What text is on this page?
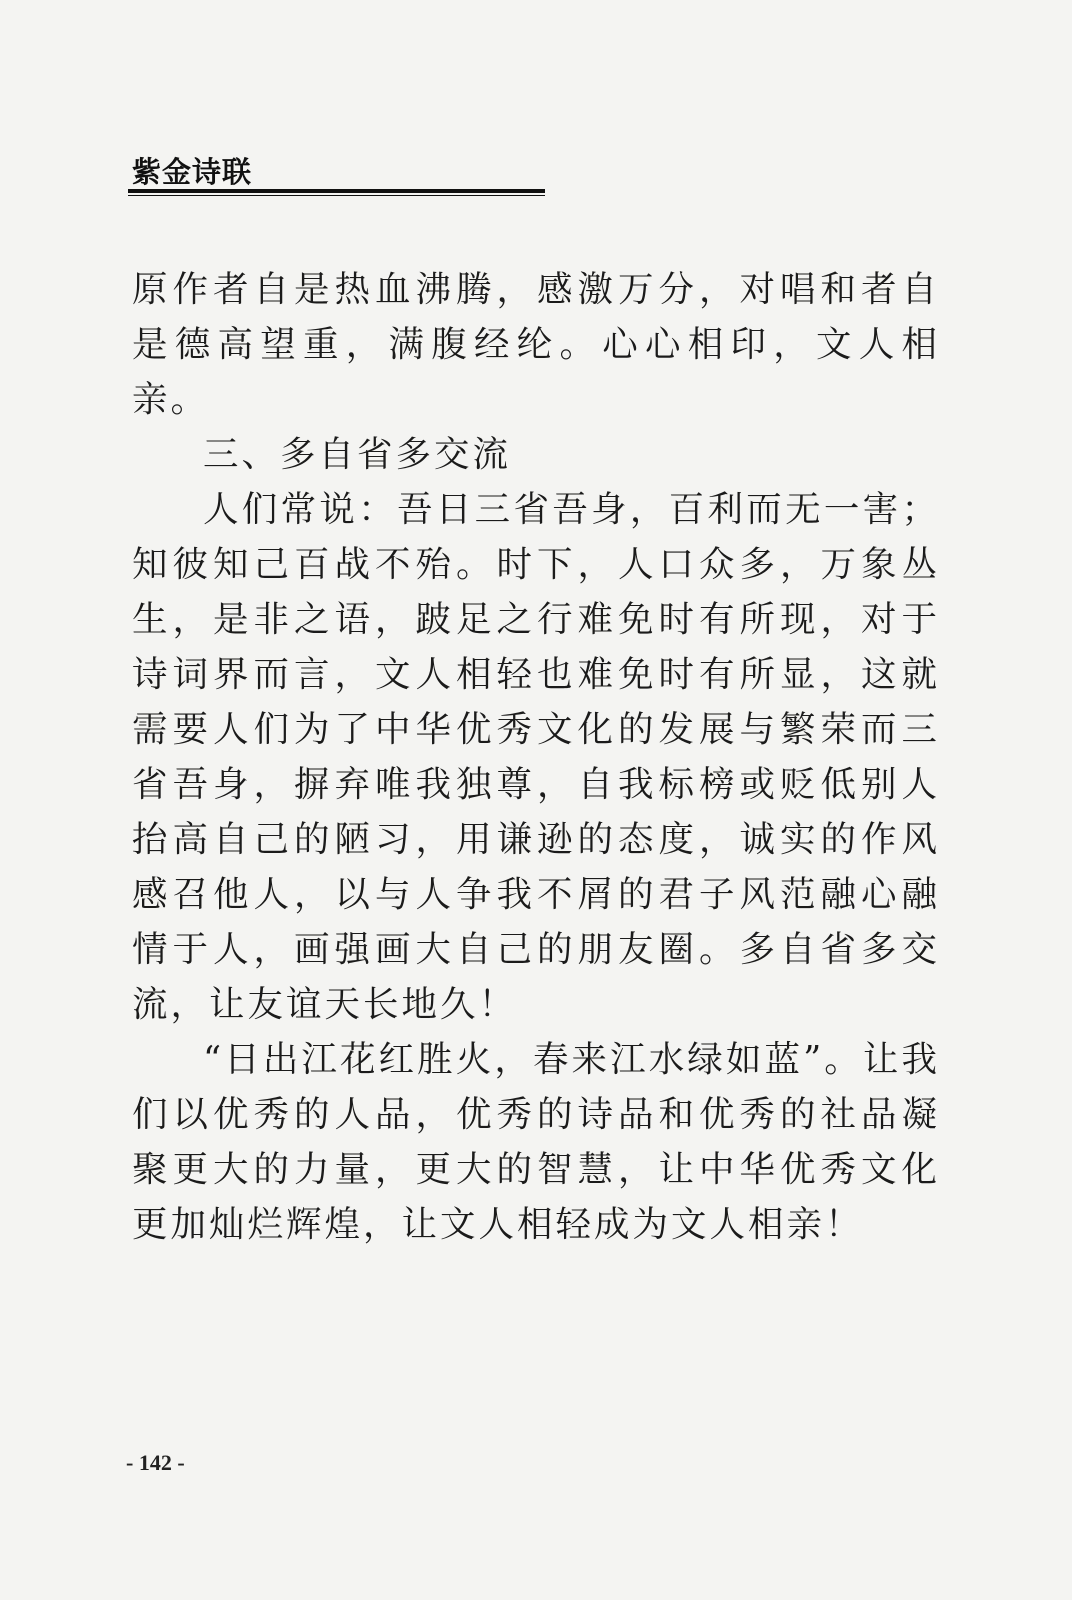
紫金诗联

原作者自是热血沸腾，感激万分，对唱和者自是德高望重，满腹经纶。心心相印，文人相亲。

三、多自省多交流

人们常说：吾日三省吾身，百利而无一害；知彼知己百战不殆。时下，人口众多，万象丛生，是非之语，跛足之行难免时有所现，对于诗词界而言，文人相轻也难免时有所显，这就需要人们为了中华优秀文化的发展与繁荣而三省吾身，摒弃唯我独尊，自我标榜或贬低别人抬高自己的陋习，用谦逊的态度，诚实的作风感召他人，以与人争我不屑的君子风范融心融情于人，画强画大自己的朋友圈。多自省多交流，让友谊天长地久！

“日出江花红胜火，春来江水绿如蓝”。让我们以优秀的人品，优秀的诗品和优秀的社品凝聚更大的力量，更大的智慧，让中华优秀文化更加灿烂辉煌，让文人相轻成为文人相亲！

- 142 -
